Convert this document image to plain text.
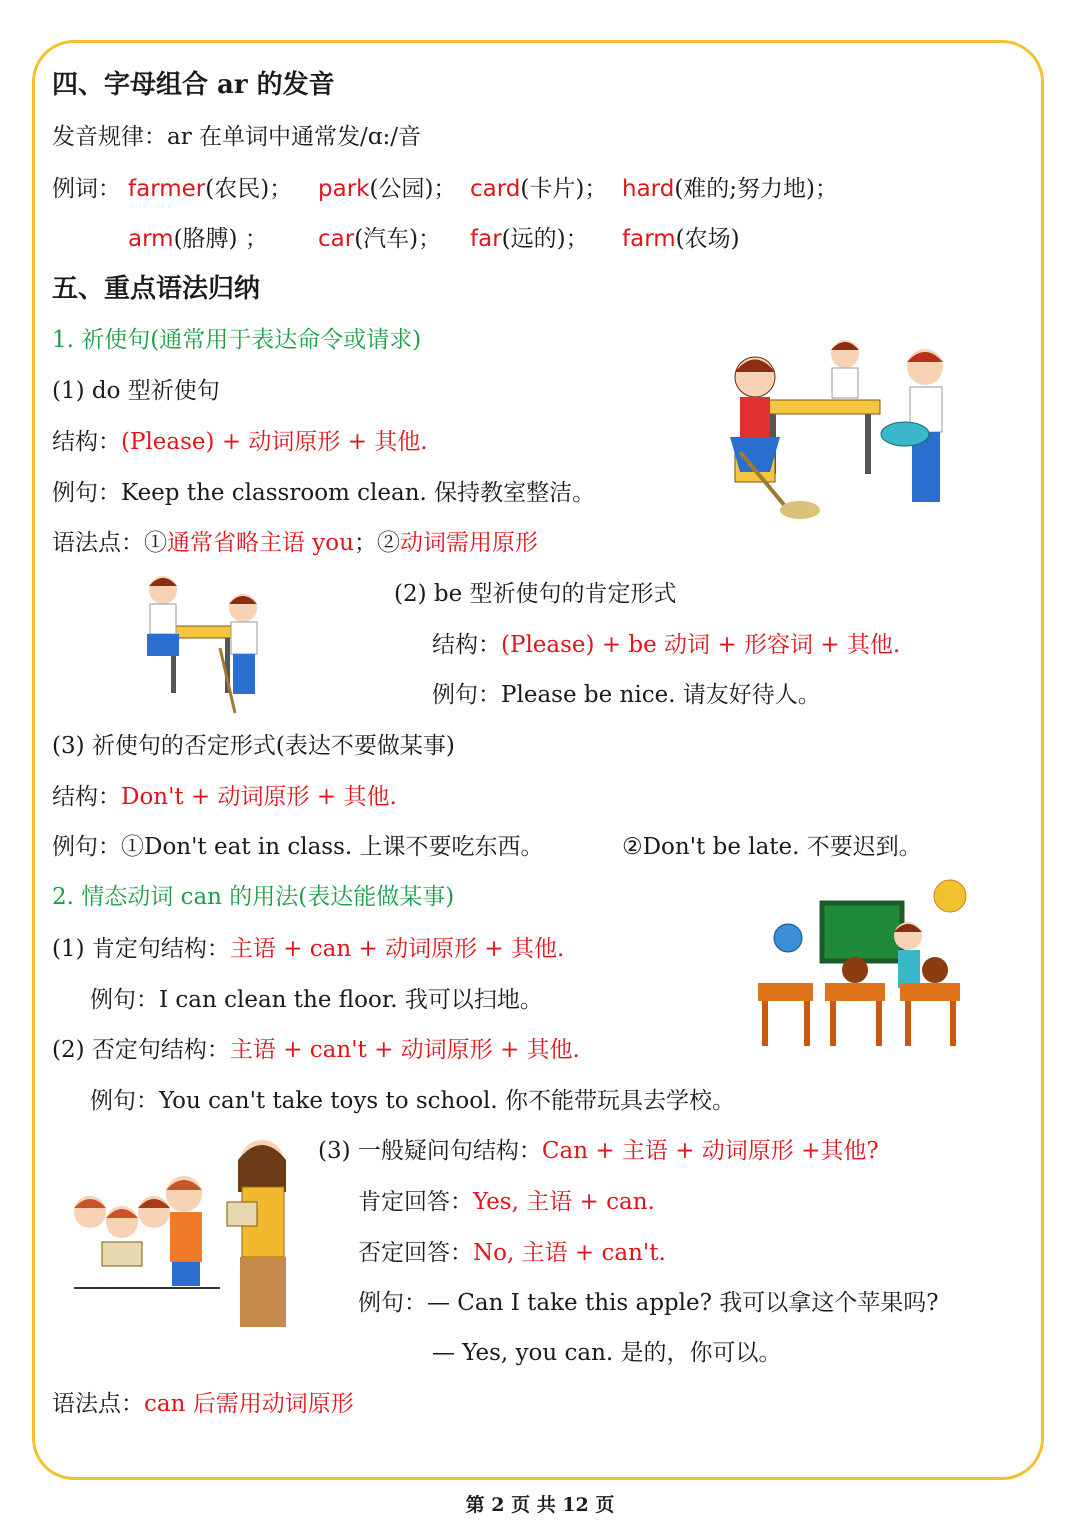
四、字母组合 ar 的发音
发音规律：ar 在单词中通常发/ɑ:/音
例词： farmer(农民)； park(公园)； card(卡片)； hard(难的;努力地)；
arm(胳膊) ； car(汽车)； far(远的)； farm(农场)
五、重点语法归纳
1. 祈使句(通常用于表达命令或请求)
(1) do 型祈使句
结构：(Please) + 动词原形 + 其他.
例句：Keep the classroom clean. 保持教室整洁。
语法点：①通常省略主语 you；②动词需用原形
(2) be 型祈使句的肯定形式
结构：(Please) + be 动词 + 形容词 + 其他.
例句：Please be nice. 请友好待人。
(3) 祈使句的否定形式(表达不要做某事)
结构：Don't + 动词原形 + 其他.
例句：①Don't eat in class. 上课不要吃东西。	②Don't be late. 不要迟到。
2. 情态动词 can 的用法(表达能做某事)
(1) 肯定句结构：主语 + can + 动词原形 + 其他.
例句：I can clean the floor. 我可以扫地。
(2) 否定句结构：主语 + can't + 动词原形 + 其他.
例句：You can't take toys to school. 你不能带玩具去学校。
(3) 一般疑问句结构：Can + 主语 + 动词原形 +其他?
肯定回答：Yes, 主语 + can.
否定回答：No, 主语 + can't.
例句：— Can I take this apple? 我可以拿这个苹果吗?
— Yes, you can. 是的，你可以。
语法点：can 后需用动词原形
第 2 页 共 12 页
